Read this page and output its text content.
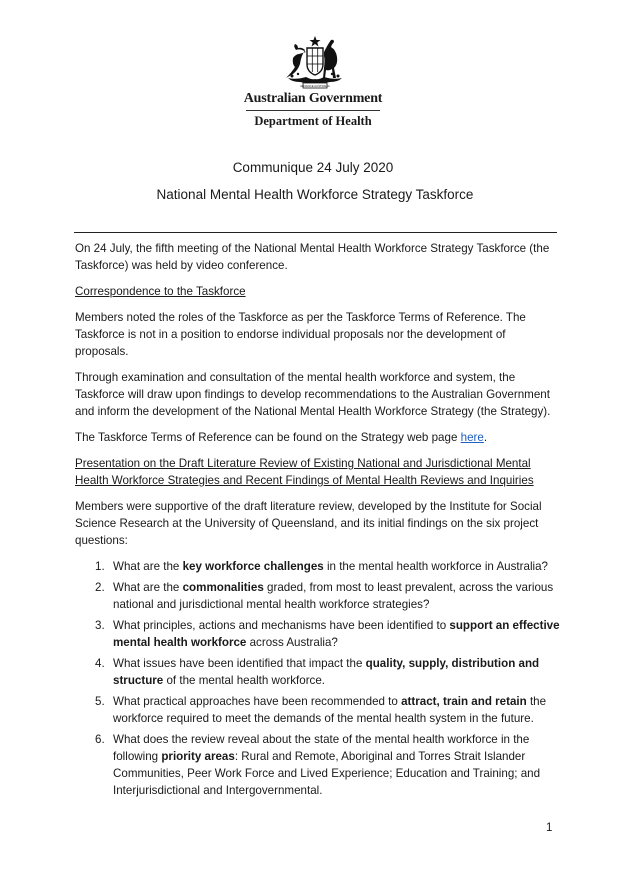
ADVANCE AUSTRALIA
Australian Government
Department of Health
Communique 24 July 2020
National Mental Health Workforce Strategy Taskforce

On 24 July, the fifth meeting of the National Mental Health Workforce Strategy Taskforce (the Taskforce) was held by video conference.

Correspondence to the Taskforce

Members noted the roles of the Taskforce as per the Taskforce Terms of Reference. The Taskforce is not in a position to endorse individual proposals nor the development of proposals.

Through examination and consultation of the mental health workforce and system, the Taskforce will draw upon findings to develop recommendations to the Australian Government and inform the development of the National Mental Health Workforce Strategy (the Strategy).

The Taskforce Terms of Reference can be found on the Strategy web page here.

Presentation on the Draft Literature Review of Existing National and Jurisdictional Mental Health Workforce Strategies and Recent Findings of Mental Health Reviews and Inquiries

Members were supportive of the draft literature review, developed by the Institute for Social Science Research at the University of Queensland, and its initial findings on the six project questions:

1. What are the key workforce challenges in the mental health workforce in Australia?
2. What are the commonalities graded, from most to least prevalent, across the various national and jurisdictional mental health workforce strategies?
3. What principles, actions and mechanisms have been identified to support an effective mental health workforce across Australia?
4. What issues have been identified that impact the quality, supply, distribution and structure of the mental health workforce.
5. What practical approaches have been recommended to attract, train and retain the workforce required to meet the demands of the mental health system in the future.
6. What does the review reveal about the state of the mental health workforce in the following priority areas: Rural and Remote, Aboriginal and Torres Strait Islander Communities, Peer Work Force and Lived Experience; Education and Training; and Interjurisdictional and Intergovernmental.
1
